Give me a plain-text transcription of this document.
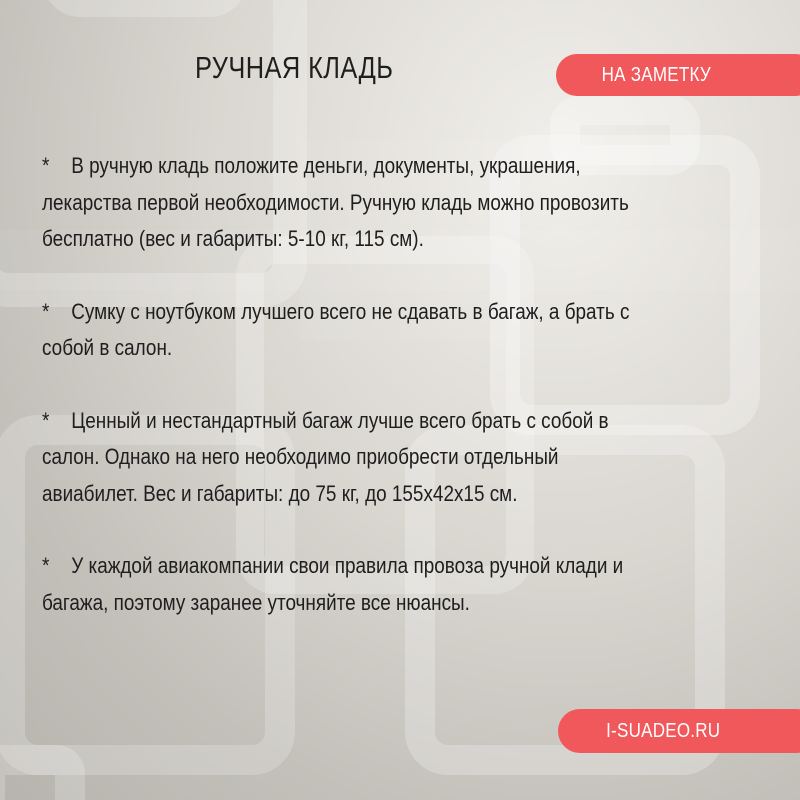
РУЧНАЯ КЛАДЬ	НА ЗАМЕТКУ
* В ручную кладь положите деньги, документы, украшения,
лекарства первой необходимости. Ручную кладь можно провозить
бесплатно (вес и габариты: 5-10 кг, 115 см).
* Сумку с ноутбуком лучшего всего не сдавать в багаж, а брать с
собой в салон.
* Ценный и нестандартный багаж лучше всего брать с собой в
салон. Однако на него необходимо приобрести отдельный
авиабилет. Вес и габариты: до 75 кг, до 155х42х15 см.
* У каждой авиакомпании свои правила провоза ручной клади и
багажа, поэтому заранее уточняйте все нюансы.
I-SUADEO.RU
